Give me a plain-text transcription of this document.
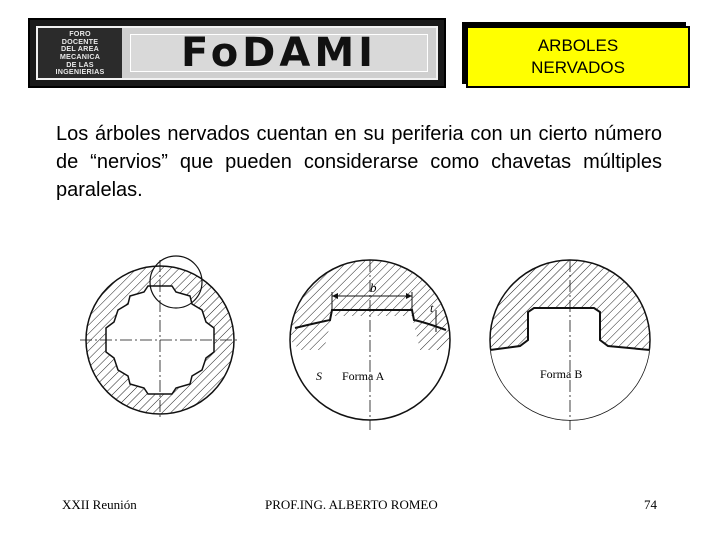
FORO
DOCENTE
DEL AREA
MECANICA
DE LAS
INGENIERIAS FoDAMI	ARBOLES
NERVADOS

Los árboles nervados cuentan en su periferia con un cierto número de “nervios” que pueden considerarse como chavetas múltiples paralelas.

b
t
Forma A
S	Forma B
XXII Reunión	PROF.ING. ALBERTO ROMEO	74
